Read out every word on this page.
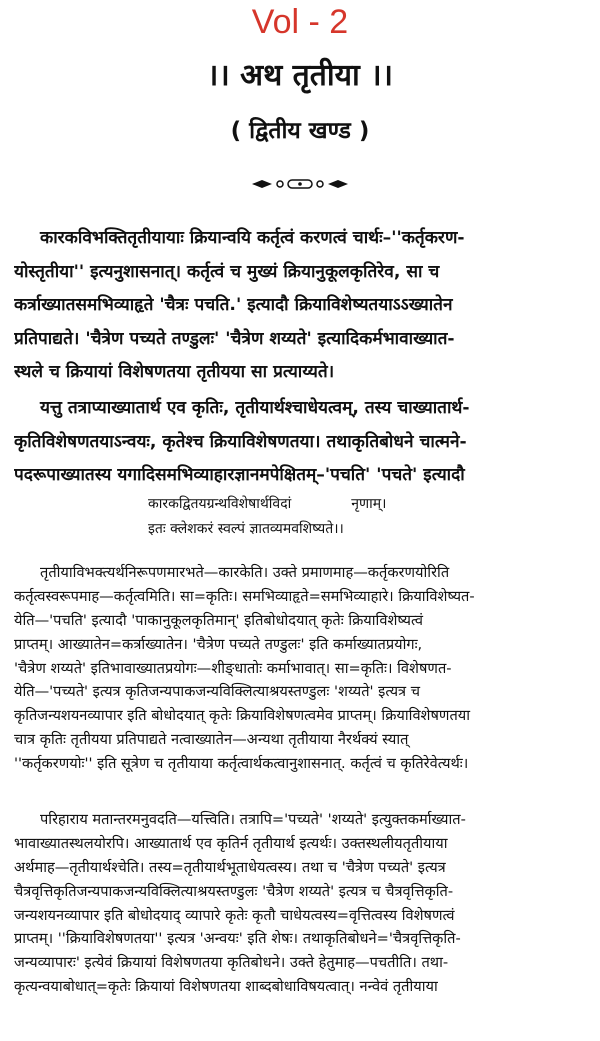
Vol - 2
।। अथ तृतीया ।।
( द्वितीय खण्ड )
कारकविभक्तितृतीयायाः क्रियान्वयि कर्तृत्वं करणत्वं चार्थः–''कर्तृकरण-
योस्तृतीया'' इत्यनुशासनात्। कर्तृत्वं च मुख्यं क्रियानुकूलकृतिरेव, सा च
कर्त्राख्यातसमभिव्याहृते 'चैत्रः पचति.' इत्यादौ क्रियाविशेष्यतयाऽऽख्यातेन
प्रतिपाद्यते। 'चैत्रेण पच्यते तण्डुलः' 'चैत्रेण शय्यते' इत्यादिकर्मभावाख्यात-
स्थले च क्रियायां विशेषणतया तृतीयया सा प्रत्याय्यते।
यत्तु तत्राप्याख्यातार्थ एव कृतिः, तृतीयार्थश्चाधेयत्वम्, तस्य चाख्यातार्थ-
कृतिविशेषणतयाऽन्वयः, कृतेश्च क्रियाविशेषणतया। तथाकृतिबोधने चात्मने-
पदरूपाख्यातस्य यगादिसमभिव्याहारज्ञानमपेक्षितम्–'पचति' 'पचते' इत्यादौ
कारकद्वितयग्रन्थविशेषार्थविदां	नृणाम्।
इतः क्लेशकरं स्वल्पं ज्ञातव्यमवशिष्यते।।
तृतीयाविभक्त्यर्थनिरूपणमारभते—कारकेति। उक्ते प्रमाणमाह—कर्तृकरणयोरिति
कर्तृत्वस्वरूपमाह—कर्तृत्वमिति। सा=कृतिः। समभिव्याहृते=समभिव्याहारे। क्रियाविशेष्यत-
येति—'पचति' इत्यादौ 'पाकानुकूलकृतिमान्' इतिबोधोदयात् कृतेः क्रियाविशेष्यत्वं
प्राप्तम्। आख्यातेन=कर्त्राख्यातेन। 'चैत्रेण पच्यते तण्डुलः' इति कर्माख्यातप्रयोगः,
'चैत्रेण शय्यते' इतिभावाख्यातप्रयोगः—शीङ्धातोः कर्माभावात्। सा=कृतिः। विशेषणत-
येति—'पच्यते' इत्यत्र कृतिजन्यपाकजन्यविक्लित्याश्रयस्तण्डुलः 'शय्यते' इत्यत्र च
कृतिजन्यशयनव्यापार इति बोधोदयात् कृतेः क्रियाविशेषणत्वमेव प्राप्तम्। क्रियाविशेषणतया
चात्र कृतिः तृतीयया प्रतिपाद्यते नत्वाख्यातेन—अन्यथा तृतीयाया नैरर्थक्यं स्यात्
''कर्तृकरणयोः'' इति सूत्रेण च तृतीयाया कर्तृत्वार्थकत्वानुशासनात्. कर्तृत्वं च कृतिरेवेत्यर्थः।
परिहाराय मतान्तरमनुवदति—यत्त्विति। तत्रापि='पच्यते' 'शय्यते' इत्युक्तकर्माख्यात-
भावाख्यातस्थलयोरपि। आख्यातार्थ एव कृतिर्न तृतीयार्थ इत्यर्थः। उक्तस्थलीयतृतीयाया
अर्थमाह—तृतीयार्थश्चेति। तस्य=तृतीयार्थभूताधेयत्वस्य। तथा च 'चैत्रेण पच्यते' इत्यत्र
चैत्रवृत्तिकृतिजन्यपाकजन्यविक्लित्याश्रयस्तण्डुलः 'चैत्रेण शय्यते' इत्यत्र च चैत्रवृत्तिकृति-
जन्यशयनव्यापार इति बोधोदयाद् व्यापारे कृतेः कृतौ चाधेयत्वस्य=वृत्तित्वस्य विशेषणत्वं
प्राप्तम्। ''क्रियाविशेषणतया'' इत्यत्र 'अन्वयः' इति शेषः। तथाकृतिबोधने='चैत्रवृत्तिकृति-
जन्यव्यापारः' इत्येवं क्रियायां विशेषणतया कृतिबोधने। उक्ते हेतुमाह—पचतीति। तथा-
कृत्यन्वयाबोधात्=कृतेः क्रियायां विशेषणतया शाब्दबोधाविषयत्वात्। नन्वेवं तृतीयाया
